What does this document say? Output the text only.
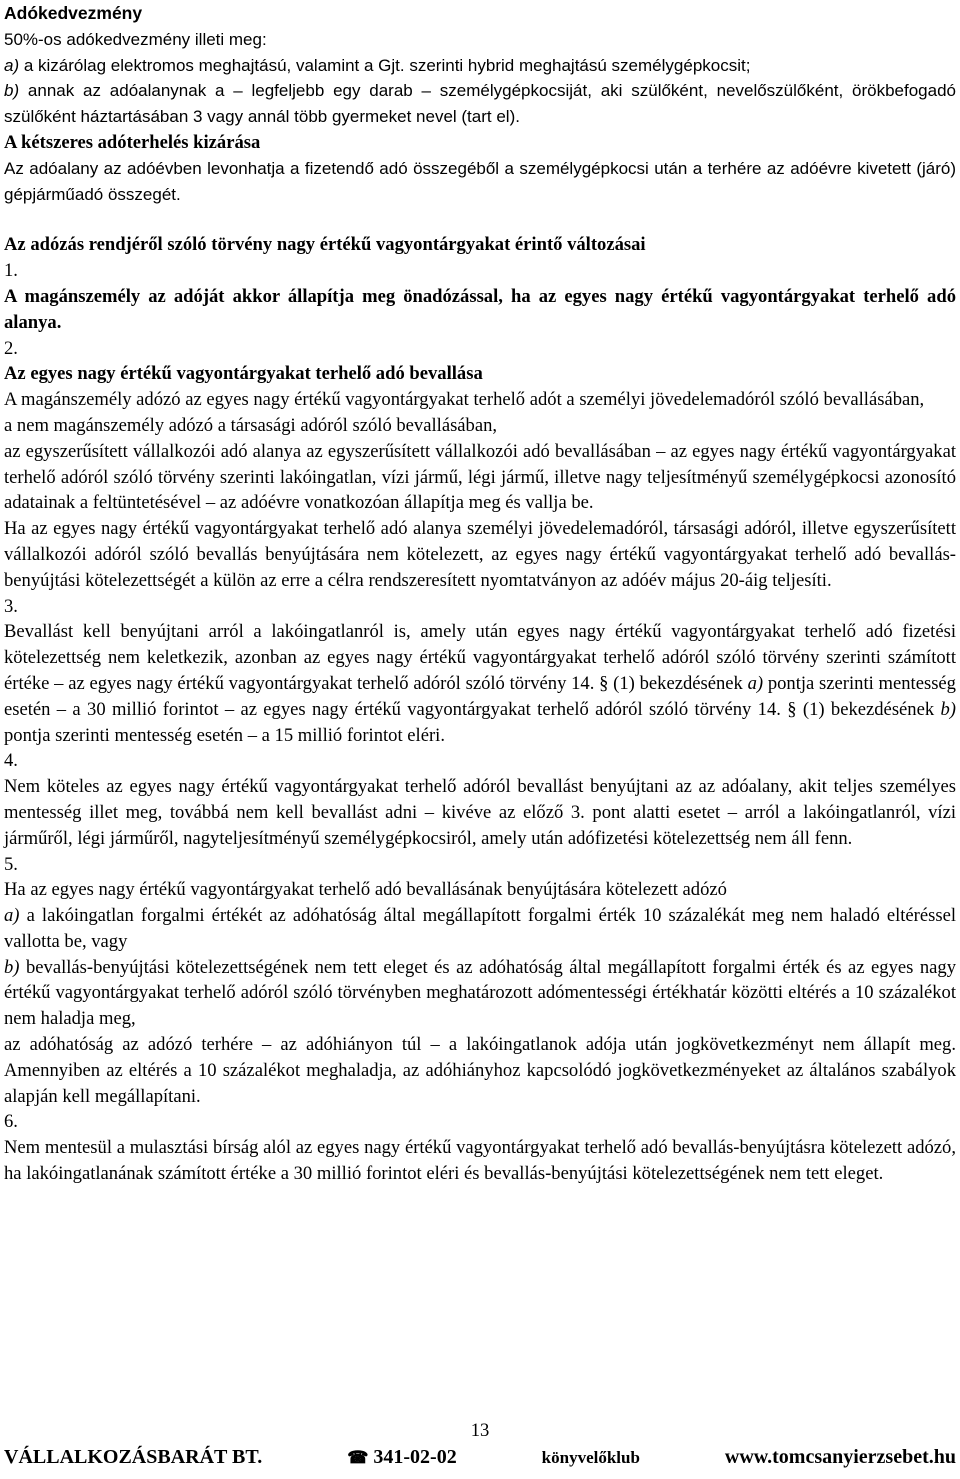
Adókedvezmény

50%-os adókedvezmény illeti meg:

a) a kizárólag elektromos meghajtású, valamint a Gjt. szerinti hybrid meghajtású személygépkocsit;

b) annak az adóalanynak a – legfeljebb egy darab – személygépkocsiját, aki szülőként, nevelőszülőként, örökbefogadó szülőként háztartásában 3 vagy annál több gyermeket nevel (tart el).

A kétszeres adóterhelés kizárása

Az adóalany az adóévben levonhatja a fizetendő adó összegéből a személygépkocsi után a terhére az adóévre kivetett (járó) gépjárműadó összegét.

Az adózás rendjéről szóló törvény nagy értékű vagyontárgyakat érintő változásai

1.

A magánszemély az adóját akkor állapítja meg önadózással, ha az egyes nagy értékű vagyontárgyakat terhelő adó alanya.

2.

Az egyes nagy értékű vagyontárgyakat terhelő adó bevallása

A magánszemély adózó az egyes nagy értékű vagyontárgyakat terhelő adót a személyi jövedelemadóról szóló bevallásában,

a nem magánszemély adózó a társasági adóról szóló bevallásában,

az egyszerűsített vállalkozói adó alanya az egyszerűsített vállalkozói adó bevallásában – az egyes nagy értékű vagyontárgyakat terhelő adóról szóló törvény szerinti lakóingatlan, vízi jármű, légi jármű, illetve nagy teljesítményű személygépkocsi azonosító adatainak a feltüntetésével – az adóévre vonatkozóan állapítja meg és vallja be.

Ha az egyes nagy értékű vagyontárgyakat terhelő adó alanya személyi jövedelemadóról, társasági adóról, illetve egyszerűsített vállalkozói adóról szóló bevallás benyújtására nem kötelezett, az egyes nagy értékű vagyontárgyakat terhelő adó bevallás-benyújtási kötelezettségét a külön az erre a célra rendszeresített nyomtatványon az adóév május 20-áig teljesíti.

3.

Bevallást kell benyújtani arról a lakóingatlanról is, amely után egyes nagy értékű vagyontárgyakat terhelő adó fizetési kötelezettség nem keletkezik, azonban az egyes nagy értékű vagyontárgyakat terhelő adóról szóló törvény szerinti számított értéke – az egyes nagy értékű vagyontárgyakat terhelő adóról szóló törvény 14. § (1) bekezdésének a) pontja szerinti mentesség esetén – a 30 millió forintot – az egyes nagy értékű vagyontárgyakat terhelő adóról szóló törvény 14. § (1) bekezdésének b) pontja szerinti mentesség esetén – a 15 millió forintot eléri.

4.

Nem köteles az egyes nagy értékű vagyontárgyakat terhelő adóról bevallást benyújtani az az adóalany, akit teljes személyes mentesség illet meg, továbbá nem kell bevallást adni – kivéve az előző 3. pont alatti esetet – arról a lakóingatlanról, vízi járműről, légi járműről, nagyteljesítményű személygépkocsiról, amely után adófizetési kötelezettség nem áll fenn.

5.

Ha az egyes nagy értékű vagyontárgyakat terhelő adó bevallásának benyújtására kötelezett adózó

a) a lakóingatlan forgalmi értékét az adóhatóság által megállapított forgalmi érték 10 százalékát meg nem haladó eltéréssel vallotta be, vagy

b) bevallás-benyújtási kötelezettségének nem tett eleget és az adóhatóság által megállapított forgalmi érték és az egyes nagy értékű vagyontárgyakat terhelő adóról szóló törvényben meghatározott adómentességi értékhatár közötti eltérés a 10 százalékot nem haladja meg,

az adóhatóság az adózó terhére – az adóhiányon túl – a lakóingatlanok adója után jogkövetkezményt nem állapít meg. Amennyiben az eltérés a 10 százalékot meghaladja, az adóhiányhoz kapcsolódó jogkövetkezményeket az általános szabályok alapján kell megállapítani.

6.

Nem mentesül a mulasztási bírság alól az egyes nagy értékű vagyontárgyakat terhelő adó bevallás-benyújtásra kötelezett adózó, ha lakóingatlanának számított értéke a 30 millió forintot eléri és bevallás-benyújtási kötelezettségének nem tett eleget.

13
VÁLLALKOZÁSBARÁT BT.	☎ 341-02-02	könyvelőklub	www.tomcsanyierzsebet.hu
